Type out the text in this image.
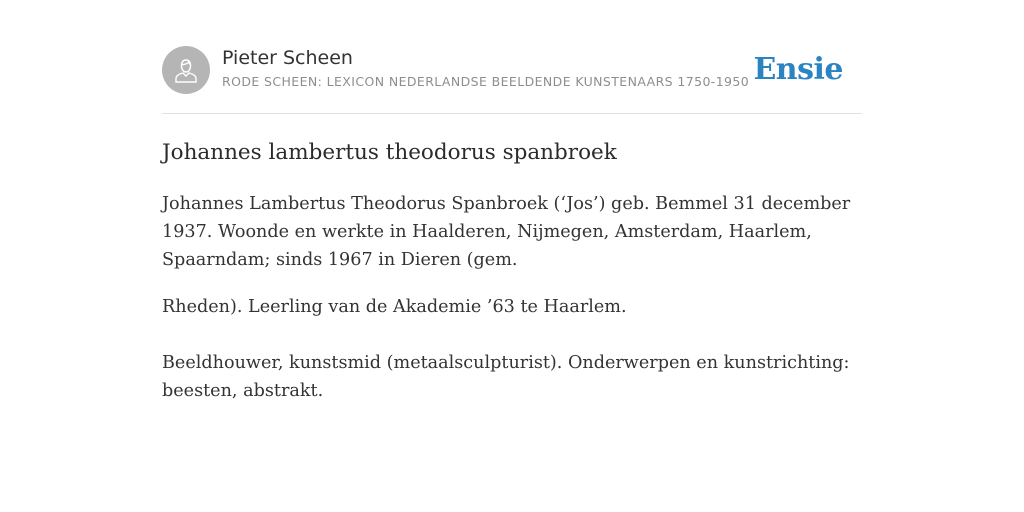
Pieter Scheen
RODE SCHEEN: LEXICON NEDERLANDSE BEELDENDE KUNSTENAARS 1750-1950 Ensie
Johannes lambertus theodorus spanbroek

Johannes Lambertus Theodorus Spanbroek (‘Jos’) geb. Bemmel 31 december 1937. Woonde en werkte in Haalderen, Nijmegen, Amsterdam, Haarlem, Spaarndam; sinds 1967 in Dieren (gem.

Rheden). Leerling van de Akademie ’63 te Haarlem.

Beeldhouwer, kunstsmid (metaalsculpturist). Onderwerpen en kunstrichting: beesten, abstrakt.
